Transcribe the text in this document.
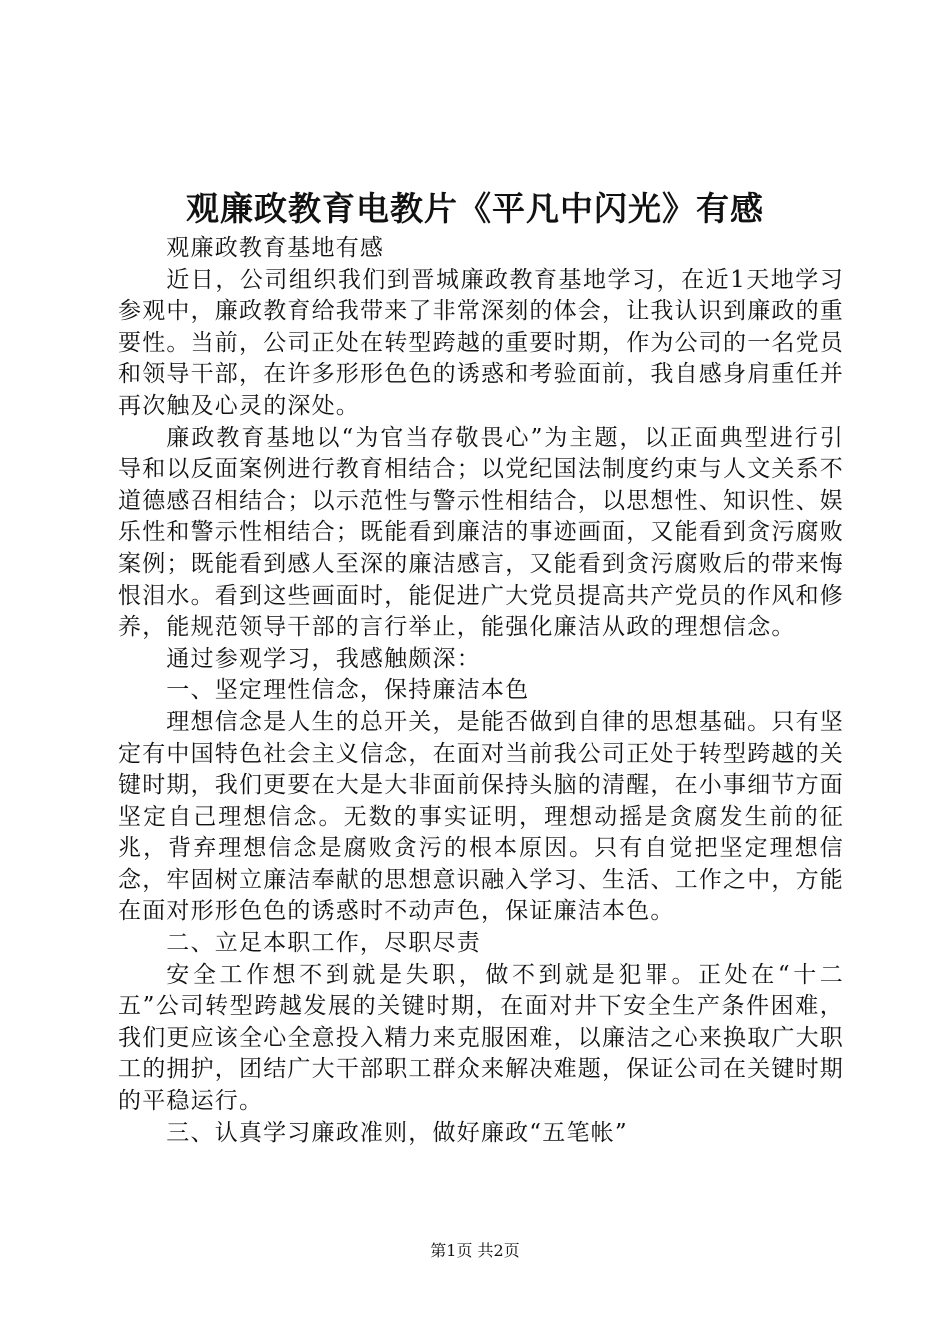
观廉政教育电教片《平凡中闪光》有感

观廉政教育基地有感

近日，公司组织我们到晋城廉政教育基地学习，在近1天地学习参观中，廉政教育给我带来了非常深刻的体会，让我认识到廉政的重要性。当前，公司正处在转型跨越的重要时期，作为公司的一名党员和领导干部，在许多形形色色的诱惑和考验面前，我自感身肩重任并再次触及心灵的深处。

廉政教育基地以“为官当存敬畏心”为主题，以正面典型进行引导和以反面案例进行教育相结合；以党纪国法制度约束与人文关系不道德感召相结合；以示范性与警示性相结合，以思想性、知识性、娱乐性和警示性相结合；既能看到廉洁的事迹画面，又能看到贪污腐败案例；既能看到感人至深的廉洁感言，又能看到贪污腐败后的带来悔恨泪水。看到这些画面时，能促进广大党员提高共产党员的作风和修养，能规范领导干部的言行举止，能强化廉洁从政的理想信念。

通过参观学习，我感触颇深：

一、坚定理性信念，保持廉洁本色

理想信念是人生的总开关，是能否做到自律的思想基础。只有坚定有中国特色社会主义信念，在面对当前我公司正处于转型跨越的关键时期，我们更要在大是大非面前保持头脑的清醒，在小事细节方面坚定自己理想信念。无数的事实证明，理想动摇是贪腐发生前的征兆，背弃理想信念是腐败贪污的根本原因。只有自觉把坚定理想信念，牢固树立廉洁奉献的思想意识融入学习、生活、工作之中，方能在面对形形色色的诱惑时不动声色，保证廉洁本色。

二、立足本职工作，尽职尽责

安全工作想不到就是失职，做不到就是犯罪。正处在“十二五”公司转型跨越发展的关键时期，在面对井下安全生产条件困难，我们更应该全心全意投入精力来克服困难，以廉洁之心来换取广大职工的拥护，团结广大干部职工群众来解决难题，保证公司在关键时期的平稳运行。

三、认真学习廉政准则，做好廉政“五笔帐”

第1页 共2页
